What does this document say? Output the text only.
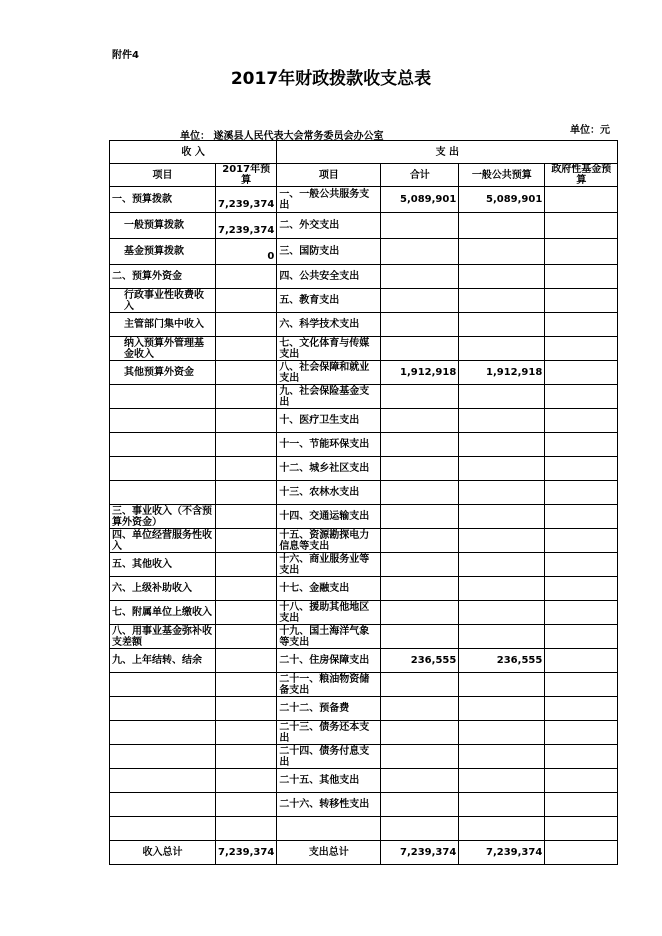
附件4
2017年财政拨款收支总表
单位： 遂溪县人民代表大会常务委员会办公室
单位：元
收 入		支 出			
项目	2017年预算	项目	合计	一般公共预算	政府性基金预算
一、预算拨款	7,239,374	一、一般公共服务支出	5,089,901	5,089,901	
一般预算拨款	7,239,374	二、外交支出			
基金预算拨款	0	三、国防支出			
二、预算外资金		四、公共安全支出			
行政事业性收费收入		五、教育支出			
主管部门集中收入		六、科学技术支出			
纳入预算外管理基金收入		七、文化体育与传媒支出			
其他预算外资金		八、社会保障和就业支出	1,912,918	1,912,918	
		九、社会保险基金支出			
		十、医疗卫生支出			
		十一、节能环保支出			
		十二、城乡社区支出			
		十三、农林水支出			
三、事业收入（不含预算外资金）		十四、交通运输支出			
四、单位经营服务性收入		十五、资源勘探电力信息等支出			
五、其他收入		十六、商业服务业等支出			
六、上级补助收入		十七、金融支出			
七、附属单位上缴收入		十八、援助其他地区支出			
八、用事业基金弥补收支差额		十九、国土海洋气象等支出			
九、上年结转、结余		二十、住房保障支出	236,555	236,555	
		二十一、粮油物资储备支出			
		二十二、预备费			
		二十三、债务还本支出			
		二十四、债务付息支出			
		二十五、其他支出			
		二十六、转移性支出			

收入总计	7,239,374	支出总计	7,239,374	7,239,374	
